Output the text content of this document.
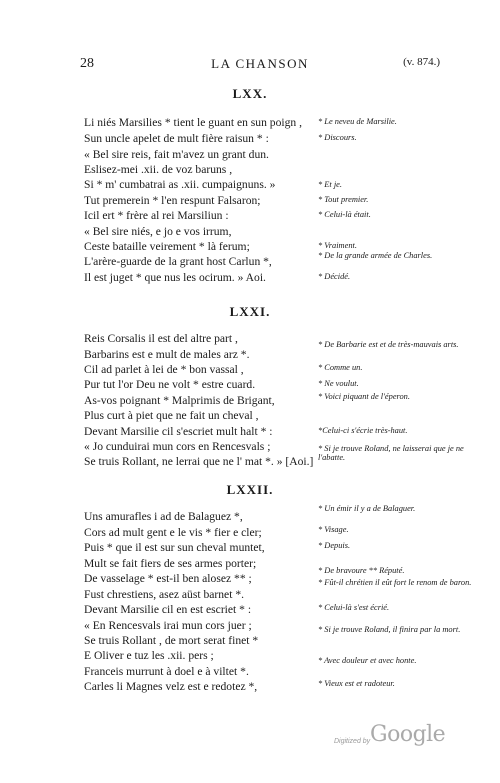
28	LA CHANSON	(v. 874.)
LXX.
Li niés Marsilies * tient le guant en sun poign ,
Sun uncle apelet de mult fière raisun * :
« Bel sire reis, fait m'avez un grant dun.
Eslisez-mei .xii. de voz baruns ,
Si * m' cumbatrai as .xii. cumpaignuns. »
Tut premerein * l'en respunt Falsaron;
Icil ert * frère al rei Marsiliun :
« Bel sire niés, e jo e vos irrum,
Ceste bataille veirement * là ferum;
L'arère-guarde de la grant host Carlun *,
Il est juget * que nus les ocirum. » Aoi.
* Le neveu de Marsilie.
* Discours.
* Et je.
* Tout premier.
* Celui-là était.
* Vraiment.
* De la grande armée de Charles.
* Décidé.
LXXI.
Reis Corsalis il est del altre part ,
Barbarins est e mult de males arz *.
Cil ad parlet à lei de * bon vassal ,
Pur tut l'or Deu ne volt * estre cuard.
As-vos poignant * Malprimis de Brigant,
Plus curt à piet que ne fait un cheval ,
Devant Marsilie cil s'escriet mult halt * :
« Jo cunduirai mun cors en Rencesvals ;
Se truis Rollant, ne lerrai que ne l' mat *. » [Aoi.]
* De Barbarie est et de très-mauvais arts.
* Comme un.
* Ne voulut.
* Voici piquant de l'éperon.
*Celui-ci s'écrie très-haut.
* Si je trouve Roland, ne laisserai que je ne l'abatte.
LXXII.
Uns amurafles i ad de Balaguez *,
Cors ad mult gent e le vis * fier e cler;
Puis * que il est sur sun cheval muntet,
Mult se fait fiers de ses armes porter;
De vasselage * est-il ben alosez ** ;
Fust chrestiens, asez aüst barnet *.
Devant Marsilie cil en est escriet * :
« En Rencesvals irai mun cors juer ;
Se truis Rollant , de mort serat finet *
E Oliver e tuz les .xii. pers ;
Franceis murrunt à doel e à viltet *.
Carles li Magnes velz est e redotez *,
* Un émir il y a de Balaguer.
* Visage.
* Depuis.
* De bravoure ** Réputé.
* Fût-il chrétien il eût fort le renom de baron.
* Celui-là s'est écrié.
* Si je trouve Roland, il finira par la mort.
* Avec douleur et avec honte.
* Vieux est et radoteur.
Digitized by Google
